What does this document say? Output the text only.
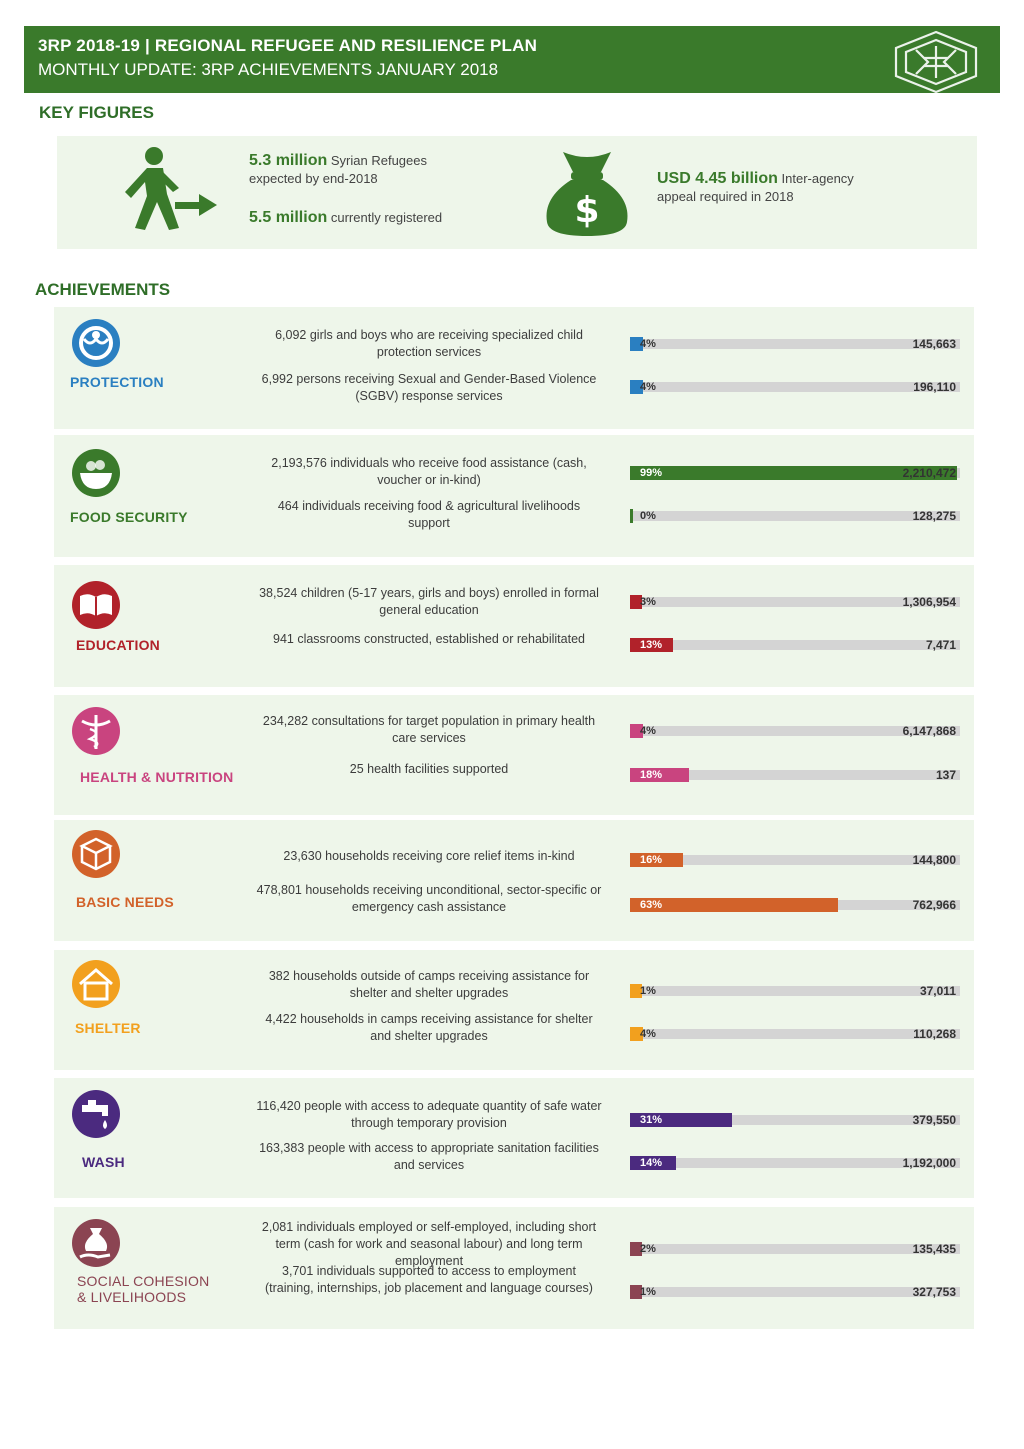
3RP 2018-19 | REGIONAL REFUGEE AND RESILIENCE PLAN
MONTHLY UPDATE: 3RP ACHIEVEMENTS JANUARY 2018
KEY FIGURES
5.3 million Syrian Refugees
expected by end-2018
5.5 million currently registered	$
USD 4.45 billion Inter-agency
appeal required in 2018
ACHIEVEMENTS
PROTECTION
6,092 girls and boys who are receiving specialized child protection services
4%	145,663
6,992 persons receiving Sexual and Gender-Based Violence (SGBV) response services
4%	196,110
FOOD SECURITY
2,193,576 individuals who receive food assistance (cash, voucher or in-kind)	99%	2,210,472
464 individuals receiving food & agricultural livelihoods support	0%	128,275
EDUCATION
38,524 children (5-17 years, girls and boys) enrolled in formal general education
3%	1,306,954
941 classrooms constructed, established or rehabilitated	13%	7,471
HEALTH & NUTRITION
234,282 consultations for target population in primary health care services	4%	6,147,868
25 health facilities supported	18%	137
BASIC NEEDS
23,630 households receiving core relief items in-kind	16%	144,800
478,801 households receiving unconditional, sector-specific or emergency cash assistance	63%	762,966
SHELTER
382 households outside of camps receiving assistance for shelter and shelter upgrades	1%	37,011
4,422 households in camps receiving assistance for shelter and shelter upgrades	4%	110,268
WASH
116,420 people with access to adequate quantity of safe water through temporary provision	31%	379,550
163,383 people with access to appropriate sanitation facilities and services	14%	1,192,000
SOCIAL COHESION
& LIVELIHOODS
2,081 individuals employed or self-employed, including short term (cash for work and seasonal labour) and long term employment
2%	135,435
3,701 individuals supported to access to employment (training, internships, job placement and language courses)	1%	327,753
